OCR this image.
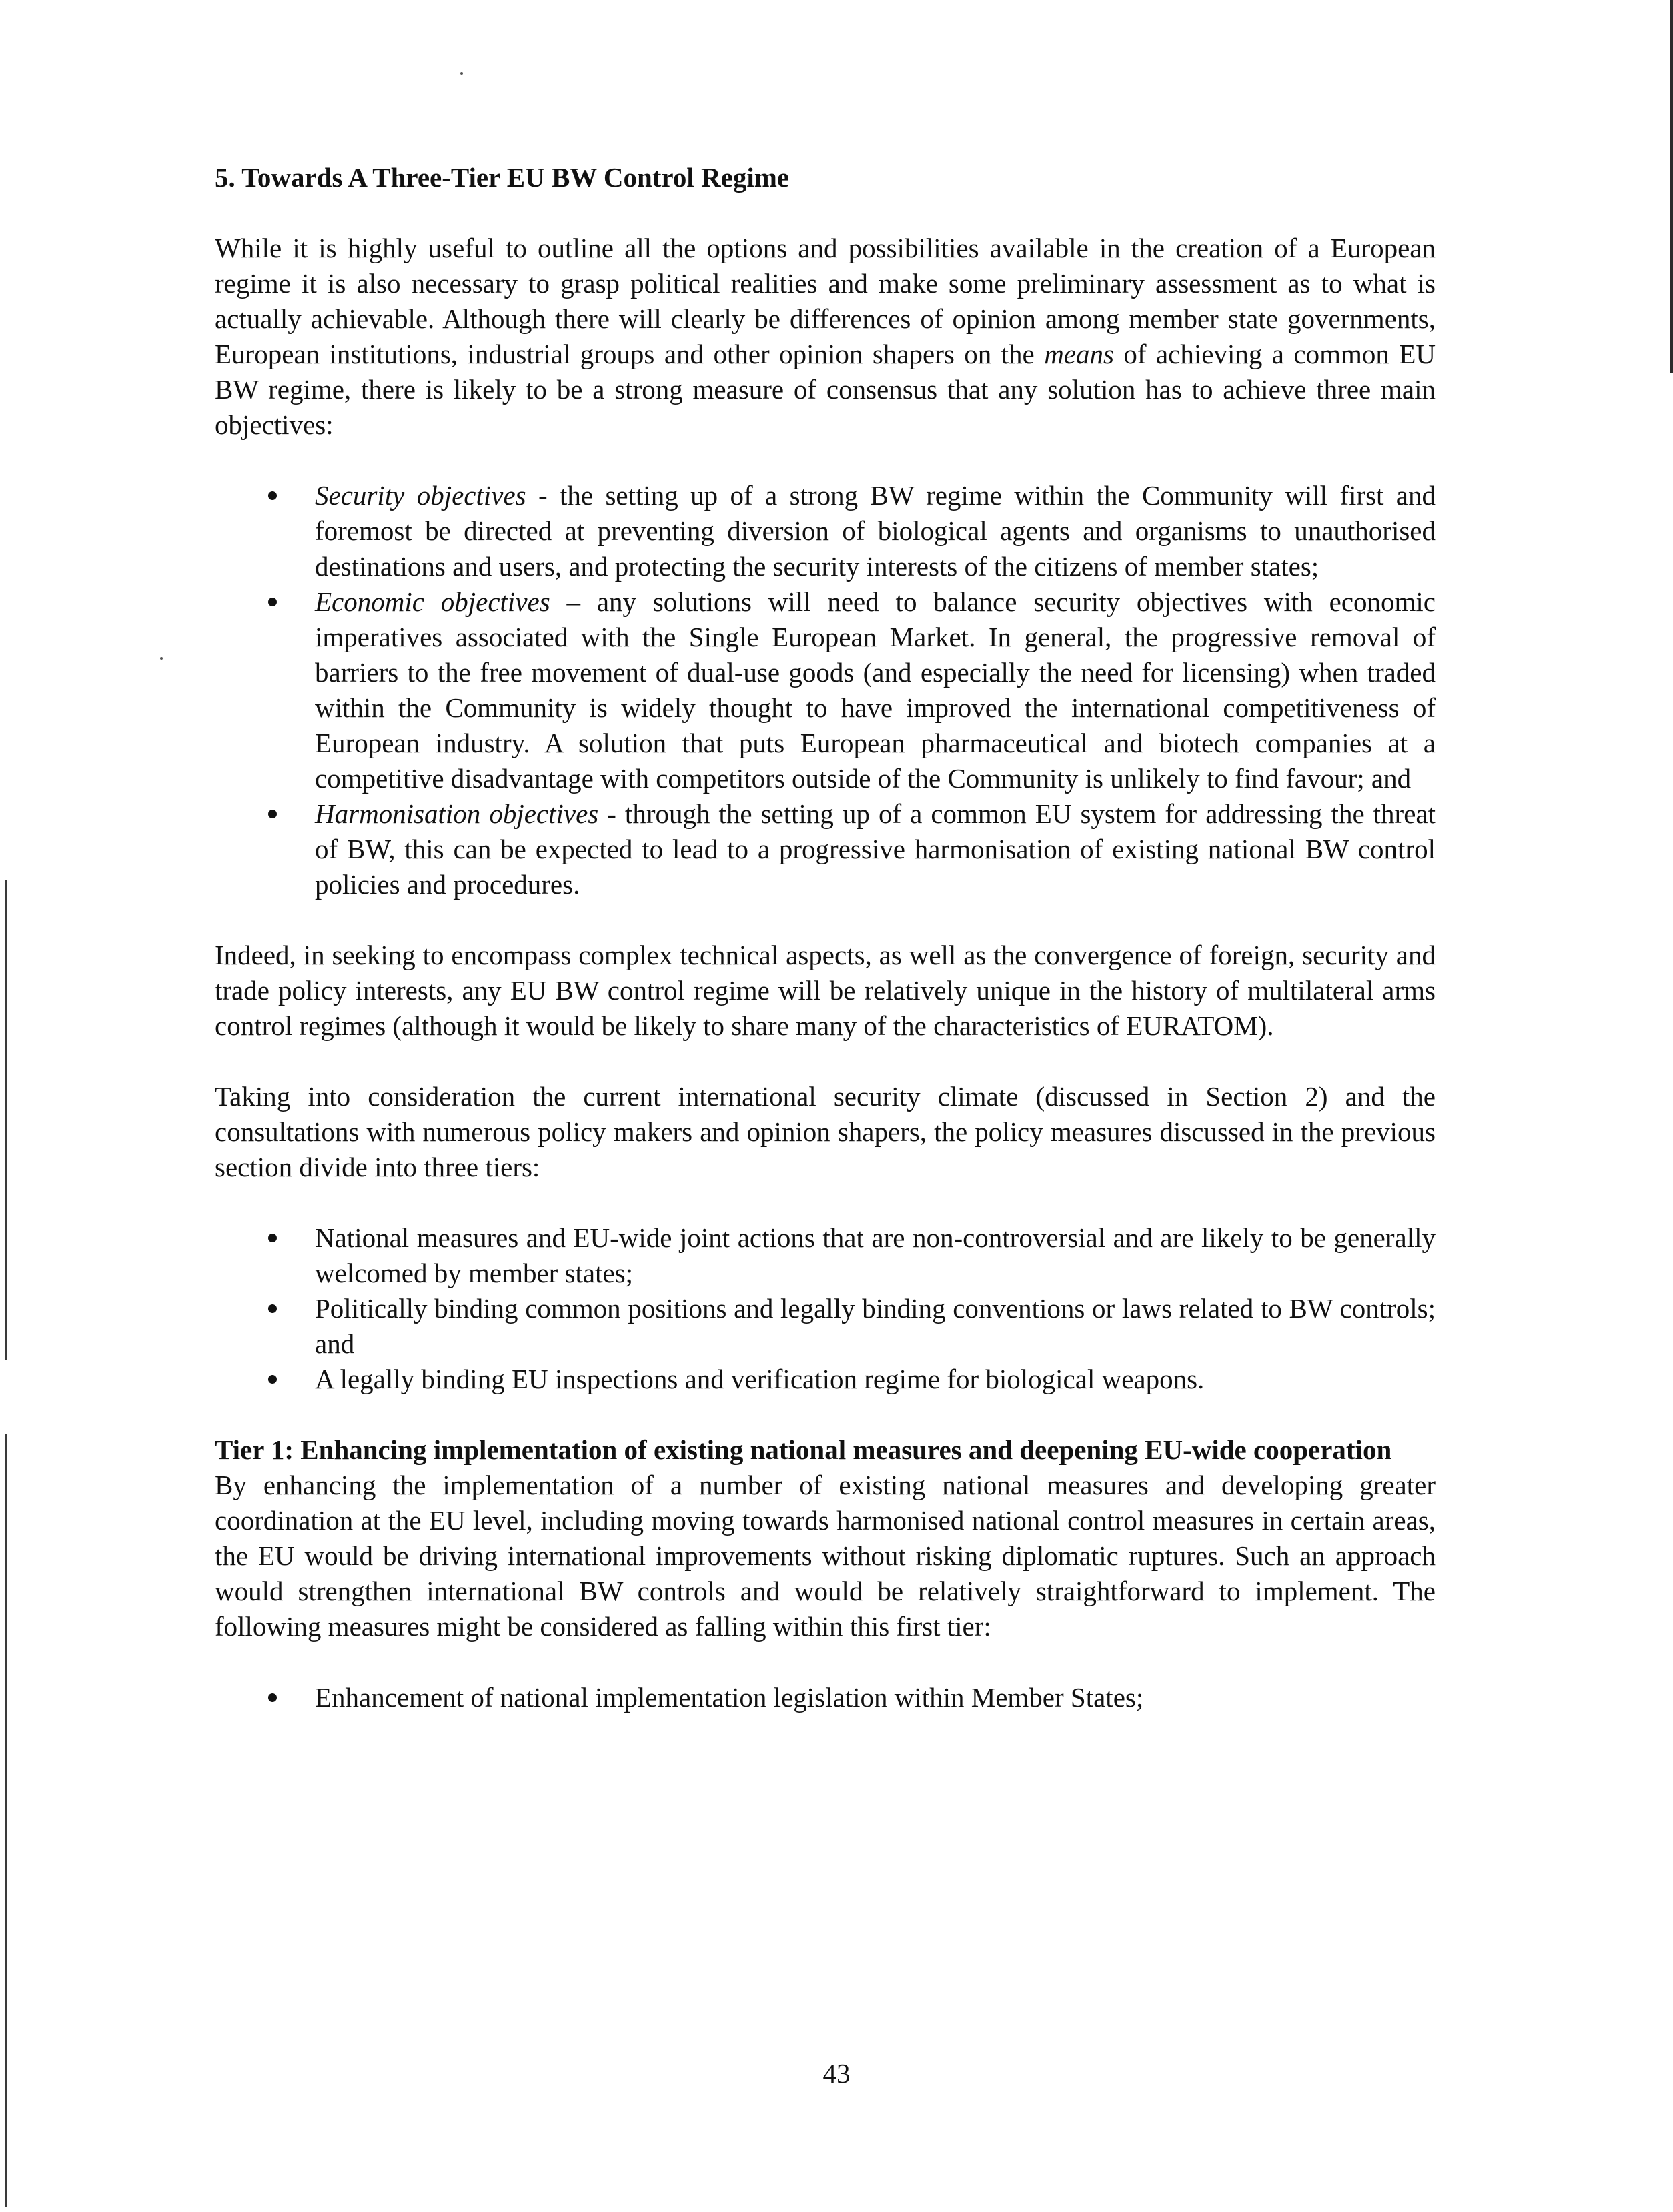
5. Towards A Three-Tier EU BW Control Regime

While it is highly useful to outline all the options and possibilities available in the creation of a European regime it is also necessary to grasp political realities and make some preliminary assessment as to what is actually achievable. Although there will clearly be differences of opinion among member state governments, European institutions, industrial groups and other opinion shapers on the means of achieving a common EU BW regime, there is likely to be a strong measure of consensus that any solution has to achieve three main objectives:

Security objectives - the setting up of a strong BW regime within the Community will first and foremost be directed at preventing diversion of biological agents and organisms to unauthorised destinations and users, and protecting the security interests of the citizens of member states;
Economic objectives – any solutions will need to balance security objectives with economic imperatives associated with the Single European Market. In general, the progressive removal of barriers to the free movement of dual-use goods (and especially the need for licensing) when traded within the Community is widely thought to have improved the international competitiveness of European industry. A solution that puts European pharmaceutical and biotech companies at a competitive disadvantage with competitors outside of the Community is unlikely to find favour; and
Harmonisation objectives - through the setting up of a common EU system for addressing the threat of BW, this can be expected to lead to a progressive harmonisation of existing national BW control policies and procedures.

Indeed, in seeking to encompass complex technical aspects, as well as the convergence of foreign, security and trade policy interests, any EU BW control regime will be relatively unique in the history of multilateral arms control regimes (although it would be likely to share many of the characteristics of EURATOM).

Taking into consideration the current international security climate (discussed in Section 2) and the consultations with numerous policy makers and opinion shapers, the policy measures discussed in the previous section divide into three tiers:

National measures and EU-wide joint actions that are non-controversial and are likely to be generally welcomed by member states;
Politically binding common positions and legally binding conventions or laws related to BW controls; and
A legally binding EU inspections and verification regime for biological weapons.
Tier 1: Enhancing implementation of existing national measures and deepening EU-wide cooperation

By enhancing the implementation of a number of existing national measures and developing greater coordination at the EU level, including moving towards harmonised national control measures in certain areas, the EU would be driving international improvements without risking diplomatic ruptures. Such an approach would strengthen international BW controls and would be relatively straightforward to implement. The following measures might be considered as falling within this first tier:

Enhancement of national implementation legislation within Member States;
43
